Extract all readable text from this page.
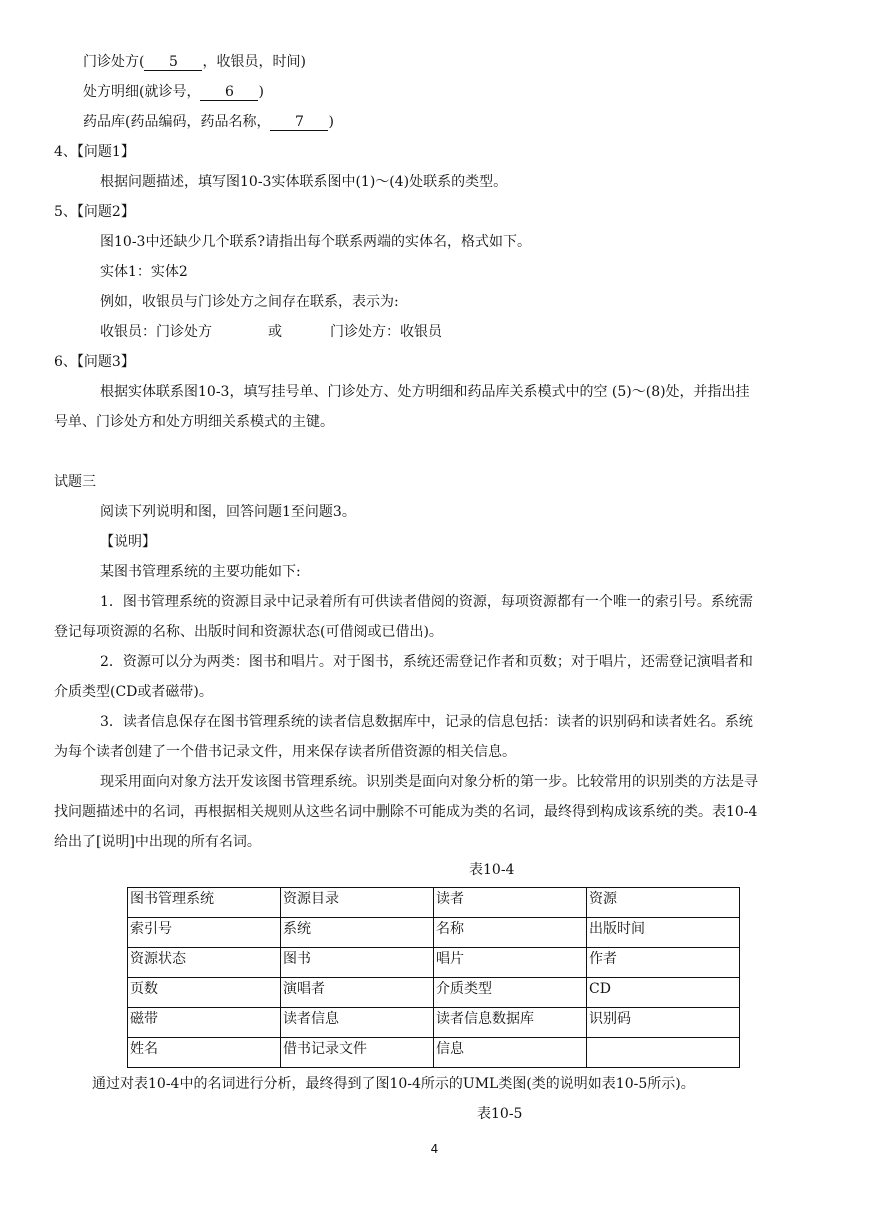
门诊处方( 5 ，收银员，时间)
处方明细(就诊号， 6 )
药品库(药品编码，药品名称， 7 )
4、【问题1】
根据问题描述，填写图10-3实体联系图中(1)～(4)处联系的类型。
5、【问题2】
图10-3中还缺少几个联系?请指出每个联系两端的实体名，格式如下。
实体1：实体2
例如，收银员与门诊处方之间存在联系，表示为:
收银员：门诊处方	或	门诊处方：收银员
6、【问题3】
根据实体联系图10-3，填写挂号单、门诊处方、处方明细和药品库关系模式中的空 (5)～(8)处，并指出挂
号单、门诊处方和处方明细关系模式的主键。
试题三
阅读下列说明和图，回答问题1至问题3。
【说明】
某图书管理系统的主要功能如下:
1．图书管理系统的资源目录中记录着所有可供读者借阅的资源，每项资源都有一个唯一的索引号。系统需
登记每项资源的名称、出版时间和资源状态(可借阅或已借出)。
2．资源可以分为两类：图书和唱片。对于图书，系统还需登记作者和页数；对于唱片，还需登记演唱者和
介质类型(CD或者磁带)。
3．读者信息保存在图书管理系统的读者信息数据库中，记录的信息包括：读者的识别码和读者姓名。系统
为每个读者创建了一个借书记录文件，用来保存读者所借资源的相关信息。
现采用面向对象方法开发该图书管理系统。识别类是面向对象分析的第一步。比较常用的识别类的方法是寻
找问题描述中的名词，再根据相关规则从这些名词中删除不可能成为类的名词，最终得到构成该系统的类。表10-4
给出了[说明]中出现的所有名词。
表10-4
图书管理系统	资源目录	读者	资源
索引号	系统	名称	出版时间
资源状态	图书	唱片	作者
页数	演唱者	介质类型	CD
磁带	读者信息	读者信息数据库	识别码
姓名	借书记录文件	信息	
通过对表10-4中的名词进行分析，最终得到了图10-4所示的UML类图(类的说明如表10-5所示)。
表10-5
4
